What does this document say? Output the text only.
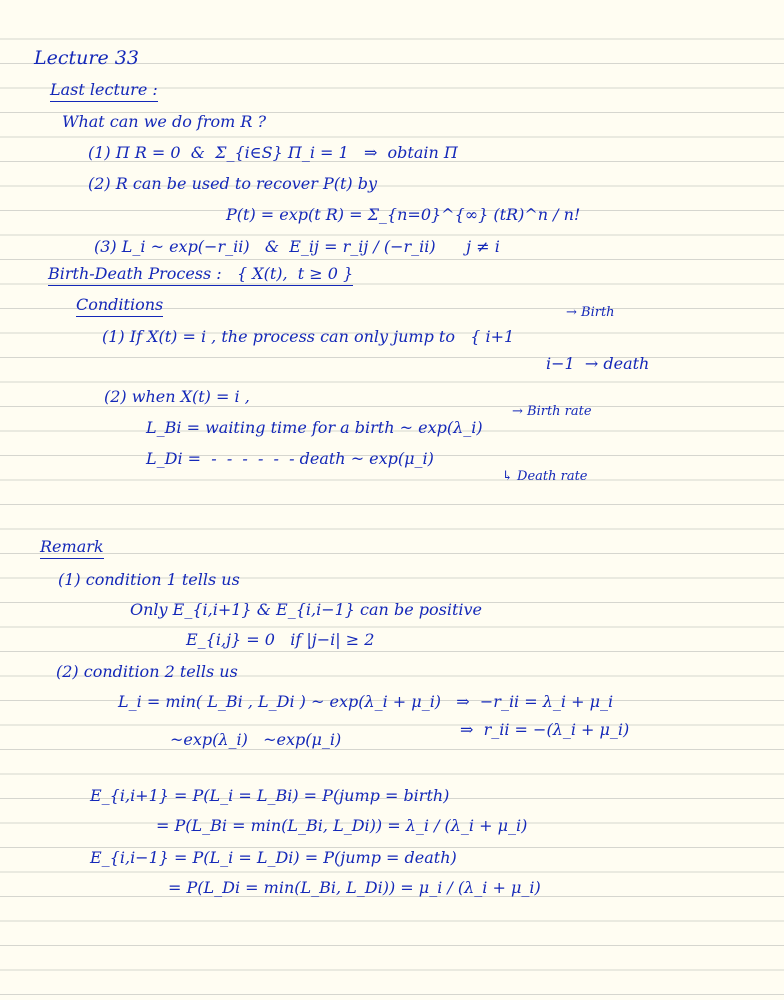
Lecture 33
Last lecture :
What can we do from R ?
(1) Π R = 0  &  Σ_{i∈S} Π_i = 1   ⇒  obtain Π
(2) R can be used to recover P(t) by
P(t) = exp(t R) = Σ_{n=0}^{∞} (tR)^n / n!
(3) L_i ~ exp(−r_ii)   &  E_ij = r_ij / (−r_ii)      j ≠ i
Birth-Death Process :   { X(t),  t ≥ 0 }
Conditions	→ Birth
(1) If X(t) = i , the process can only jump to   { i+1
i−1  → death
(2) when X(t) = i ,
→ Birth rate
L_Bi = waiting time for a birth ~ exp(λ_i)
L_Di =  -  -  -  -  -  - death ~ exp(μ_i)
↳ Death rate
Remark
(1) condition 1 tells us
Only E_{i,i+1} & E_{i,i−1} can be positive
E_{i,j} = 0   if |j−i| ≥ 2
(2) condition 2 tells us
L_i = min( L_Bi , L_Di ) ~ exp(λ_i + μ_i)   ⇒  −r_ii = λ_i + μ_i
~exp(λ_i)   ~exp(μ_i)
⇒  r_ii = −(λ_i + μ_i)
E_{i,i+1} = P(L_i = L_Bi) = P(jump = birth)
= P(L_Bi = min(L_Bi, L_Di)) = λ_i / (λ_i + μ_i)
E_{i,i−1} = P(L_i = L_Di) = P(jump = death)
= P(L_Di = min(L_Bi, L_Di)) = μ_i / (λ_i + μ_i)
